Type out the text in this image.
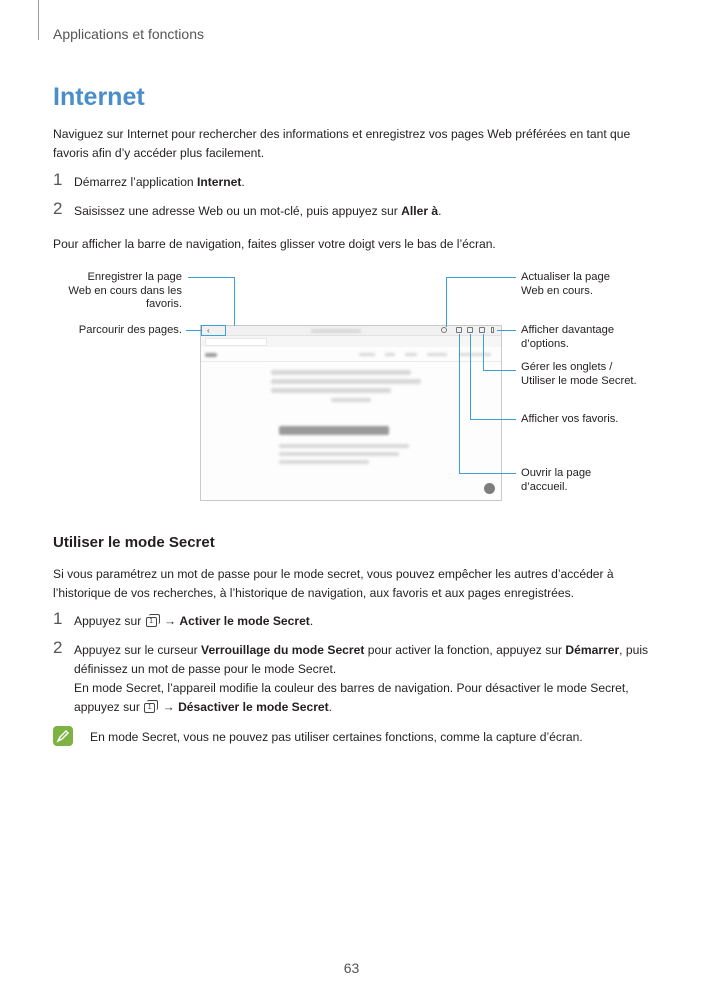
Applications et fonctions
Internet
Naviguez sur Internet pour rechercher des informations et enregistrez vos pages Web préférées en tant que favoris afin d’y accéder plus facilement.
1 Démarrez l’application Internet.
2 Saisissez une adresse Web ou un mot-clé, puis appuyez sur Aller à.
Pour afficher la barre de navigation, faites glisser votre doigt vers le bas de l’écran.
‹
Enregistrer la page
Web en cours dans les
favoris.
Parcourir des pages.
Actualiser la page
Web en cours.
Afficher davantage
d’options.
Gérer les onglets /
Utiliser le mode Secret.
Afficher vos favoris.
Ouvrir la page
d’accueil.
Utiliser le mode Secret
Si vous paramétrez un mot de passe pour le mode secret, vous pouvez empêcher les autres d’accéder à l’historique de vos recherches, à l’historique de navigation, aux favoris et aux pages enregistrées.
1 Appuyez sur 1 → Activer le mode Secret.
2 Appuyez sur le curseur Verrouillage du mode Secret pour activer la fonction, appuyez sur Démarrer, puis définissez un mot de passe pour le mode Secret.
En mode Secret, l’appareil modifie la couleur des barres de navigation. Pour désactiver le mode Secret, appuyez sur 1 → Désactiver le mode Secret.
En mode Secret, vous ne pouvez pas utiliser certaines fonctions, comme la capture d’écran.
63
